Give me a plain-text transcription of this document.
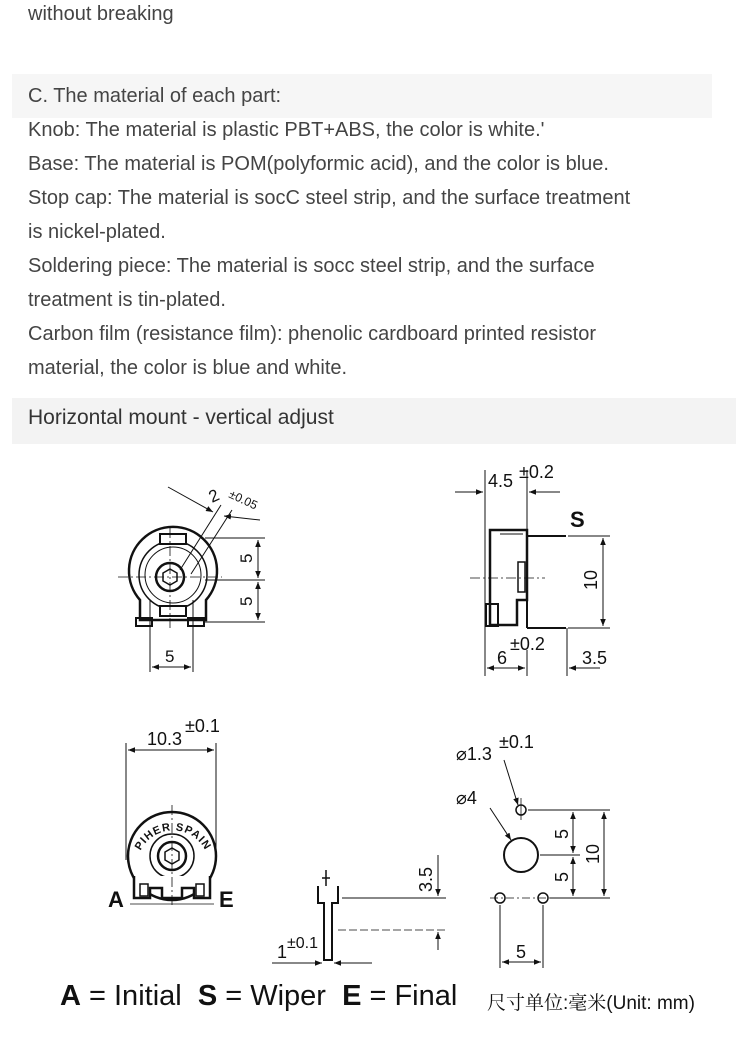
without breaking
C. The material of each part:
Knob: The material is plastic PBT+ABS, the color is white.'
Base: The material is POM(polyformic acid), and the color is blue.
Stop cap: The material is socC steel strip, and the surface treatment
is nickel-plated.
Soldering piece: The material is socc steel strip, and the surface
treatment is tin-plated.
Carbon film (resistance film): phenolic cardboard printed resistor
material, the color is blue and white.
Horizontal mount - vertical adjust
2 ±0.05
5
5
5
4.5 ±0.2
S
10
6
±0.2
3.5
10.3
±0.1
PIHER SPAIN
A	E
3.5
1 ±0.1
⌀1.3
±0.1
⌀4
5
5
10
5
A = Initial S = Wiper E = Final 尺寸单位:毫米(Unit: mm)
